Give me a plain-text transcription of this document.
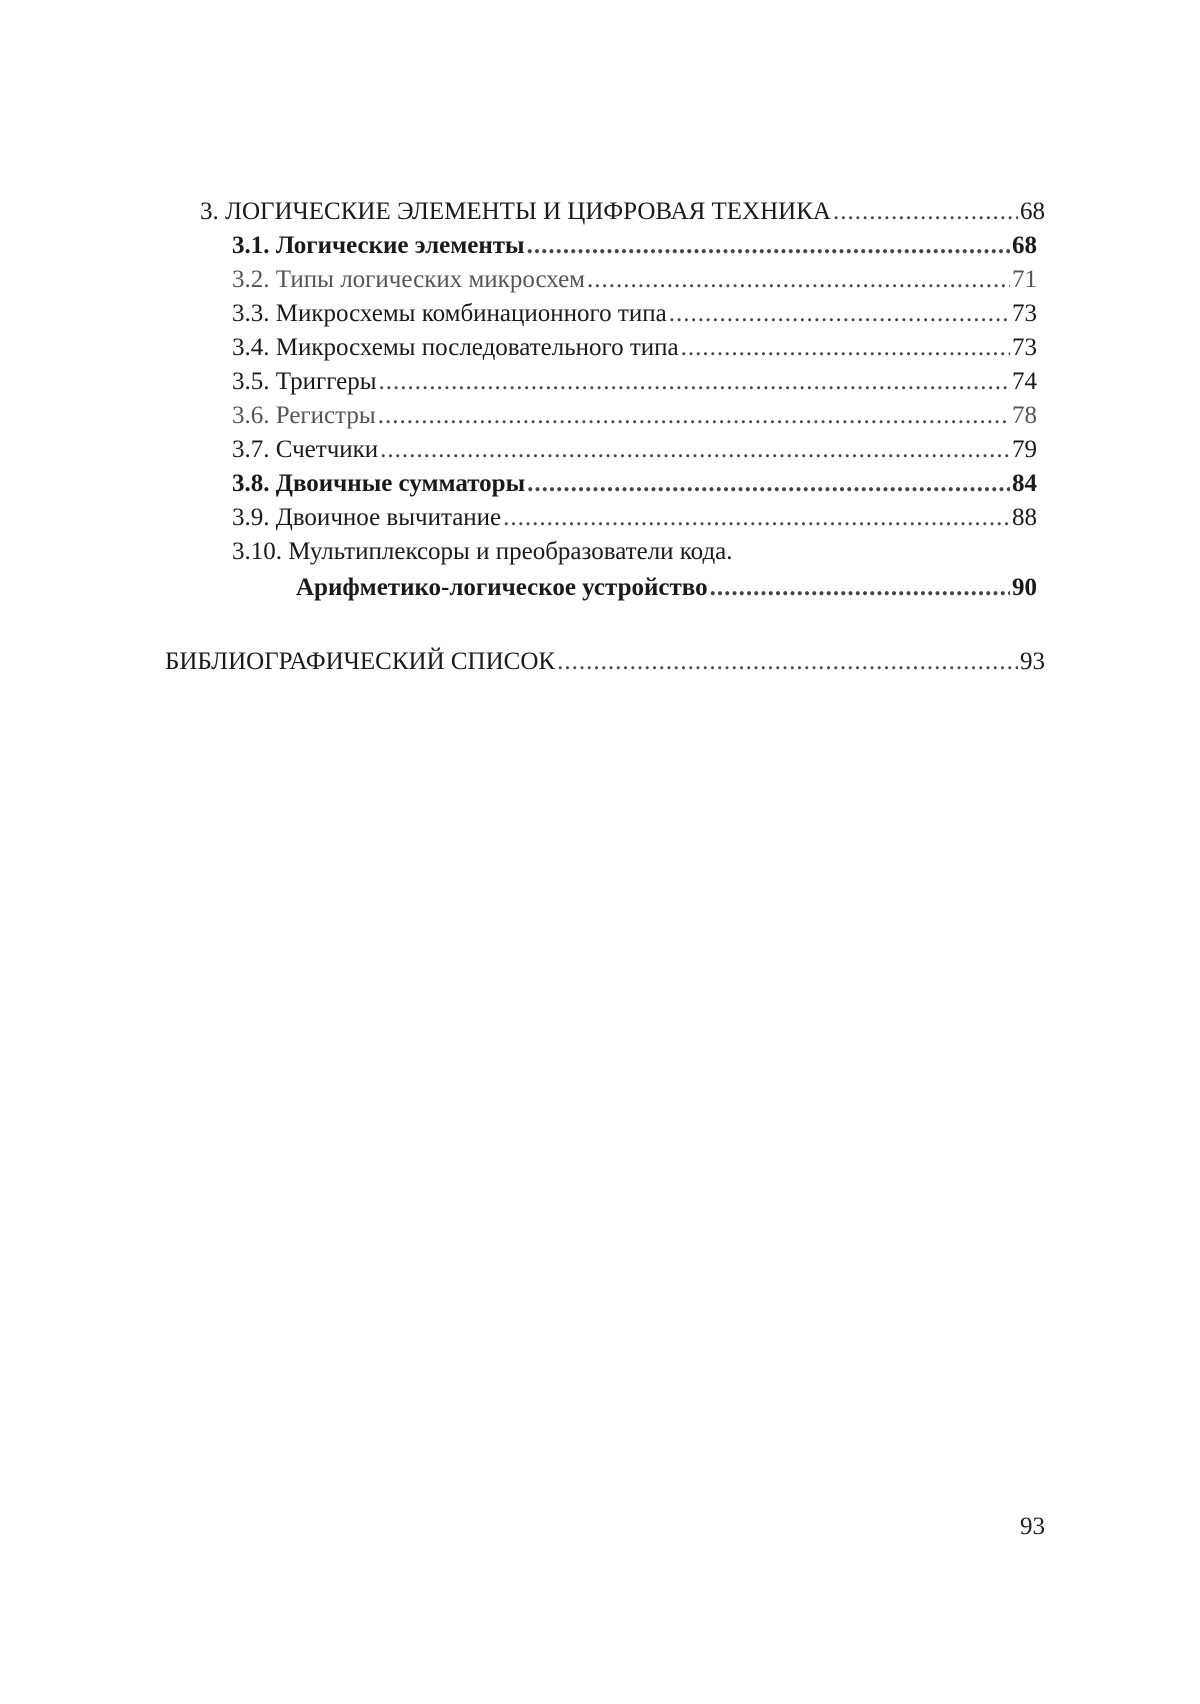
3. ЛОГИЧЕСКИЕ ЭЛЕМЕНТЫ И ЦИФРОВАЯ ТЕХНИКА .....	68
3.1. Логические элементы .....	68
3.2. Типы логических микросхем .....	71
3.3. Микросхемы комбинационного типа .....	73
3.4. Микросхемы последовательного типа .....	73
3.5. Триггеры .....	74
3.6. Регистры .....	78
3.7. Счетчики .....	79
3.8. Двоичные сумматоры .....	84
3.9. Двоичное вычитание .....	88
3.10. Мультиплексоры и преобразователи кода.
Арифметико-логическое устройство .....	90
БИБЛИОГРАФИЧЕСКИЙ СПИСОК .....	93
93
